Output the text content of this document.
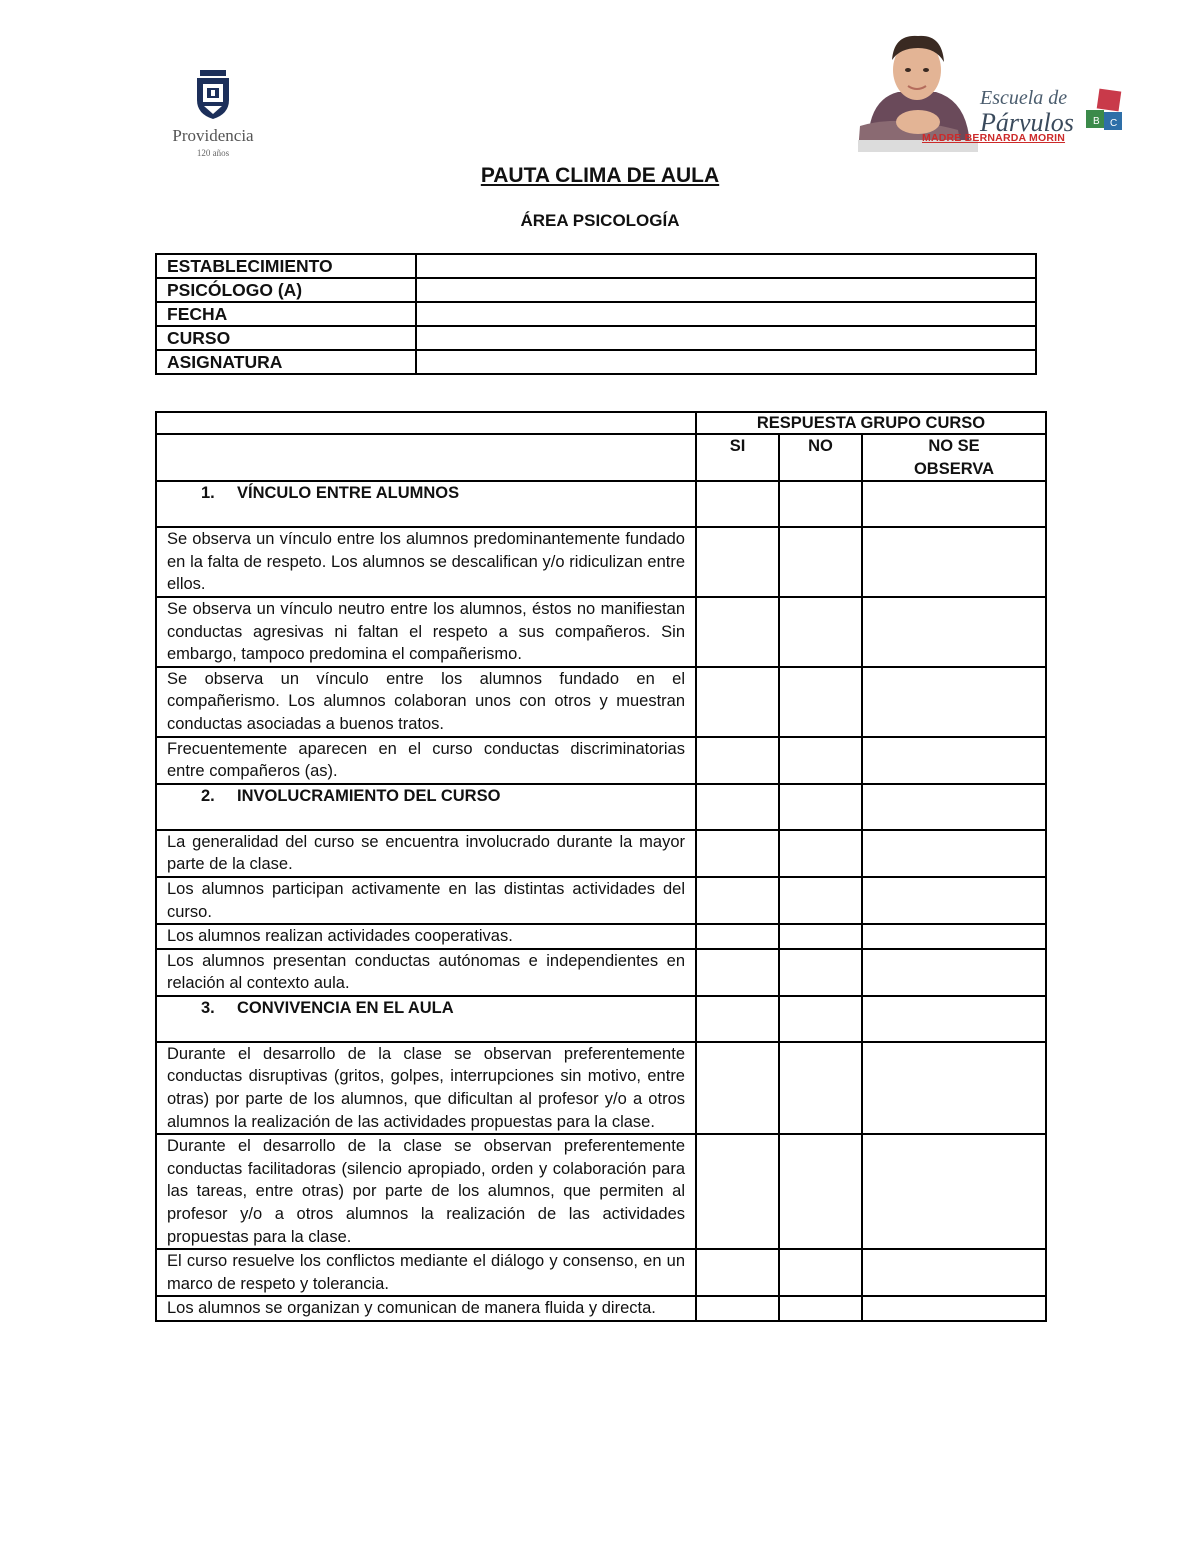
Providencia
120 años
Escuela de
Párvulos
MADRE BERNARDA MORIN
B C
PAUTA CLIMA DE AULA
ÁREA PSICOLOGÍA
ESTABLECIMIENTO	
PSICÓLOGO (A)	
FECHA	
CURSO	
ASIGNATURA	
	RESPUESTA GRUPO CURSO		
	SI	NO	NO SE
OBSERVA
1. VÍNCULO ENTRE ALUMNOS			
Se observa un vínculo entre los alumnos predominantemente fundado en la falta de respeto. Los alumnos se descalifican y/o ridiculizan entre ellos.			
Se observa un vínculo neutro entre los alumnos, éstos no manifiestan conductas agresivas ni faltan el respeto a sus compañeros. Sin embargo, tampoco predomina el compañerismo.			
Se observa un vínculo entre los alumnos fundado en el compañerismo. Los alumnos colaboran unos con otros y muestran conductas asociadas a buenos tratos.			
Frecuentemente aparecen en el curso conductas discriminatorias entre compañeros (as).			
2. INVOLUCRAMIENTO DEL CURSO			
La generalidad del curso se encuentra involucrado durante la mayor parte de la clase.			
Los alumnos participan activamente en las distintas actividades del curso.			
Los alumnos realizan actividades cooperativas.			
Los alumnos presentan conductas autónomas e independientes en relación al contexto aula.			
3. CONVIVENCIA EN EL AULA			
Durante el desarrollo de la clase se observan preferentemente conductas disruptivas (gritos, golpes, interrupciones sin motivo, entre otras) por parte de los alumnos, que dificultan al profesor y/o a otros alumnos la realización de las actividades propuestas para la clase.			
Durante el desarrollo de la clase se observan preferentemente conductas facilitadoras (silencio apropiado, orden y colaboración para las tareas, entre otras) por parte de los alumnos, que permiten al profesor y/o a otros alumnos la realización de las actividades propuestas para la clase.			
El curso resuelve los conflictos mediante el diálogo y consenso, en un marco de respeto y tolerancia.			
Los alumnos se organizan y comunican de manera fluida y directa.			
